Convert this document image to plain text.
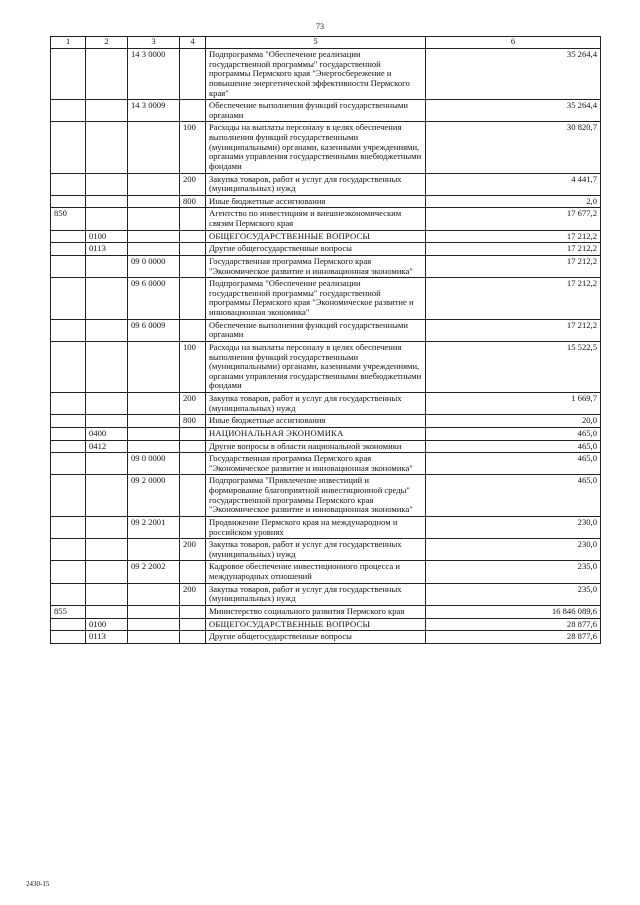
73
1	2	3	4	5	6
		14 3 0000		Подпрограмма "Обеспечение реализации государственной программы" государственной программы Пермского края "Энергосбережение и повышение энергетической эффективности Пермского края"	35 264,4
		14 3 0009		Обеспечение выполнения функций государственными органами	35 264,4
			100	Расходы на выплаты персоналу в целях обеспечения выполнения функций государственными (муниципальными) органами, казенными учреждениями, органами управления государственными внебюджетными фондами	30 820,7
			200	Закупка товаров, работ и услуг для государственных (муниципальных) нужд	4 441,7
			800	Иные бюджетные ассигнования	2,0
850				Агентство по инвестициям и внешнеэкономическим связям Пермского края	17 677,2
	0100			ОБЩЕГОСУДАРСТВЕННЫЕ ВОПРОСЫ	17 212,2
	0113			Другие общегосударственные вопросы	17 212,2
		09 0 0000		Государственная программа Пермского края "Экономическое развитие и инновационная экономика"	17 212,2
		09 6 0000		Подпрограмма "Обеспечение реализации государственной программы" государственной программы Пермского края "Экономическое развитие и инновационная экономика"	17 212,2
		09 6 0009		Обеспечение выполнения функций государственными органами	17 212,2
			100	Расходы на выплаты персоналу в целях обеспечения выполнения функций государственными (муниципальными) органами, казенными учреждениями, органами управления государственными внебюджетными фондами	15 522,5
			200	Закупка товаров, работ и услуг для государственных (муниципальных) нужд	1 669,7
			800	Иные бюджетные ассигнования	20,0
	0400			НАЦИОНАЛЬНАЯ ЭКОНОМИКА	465,0
	0412			Другие вопросы в области национальной экономики	465,0
		09 0 0000		Государственная программа Пермского края "Экономическое развитие и инновационная экономика"	465,0
		09 2 0000		Подпрограмма "Привлечение инвестиций и формирование благоприятной инвестиционной среды" государственной программы Пермского края "Экономическое развитие и инновационная экономика"	465,0
		09 2 2001		Продвижение Пермского края на международном и российском уровнях	230,0
			200	Закупка товаров, работ и услуг для государственных (муниципальных) нужд	230,0
		09 2 2002		Кадровое обеспечение инвестиционного процесса и международных отношений	235,0
			200	Закупка товаров, работ и услуг для государственных (муниципальных) нужд	235,0
855				Министерство социального развития Пермского края	16 846 089,6
	0100			ОБЩЕГОСУДАРСТВЕННЫЕ ВОПРОСЫ	28 877,6
	0113			Другие общегосударственные вопросы	28 877,6
2430-15
